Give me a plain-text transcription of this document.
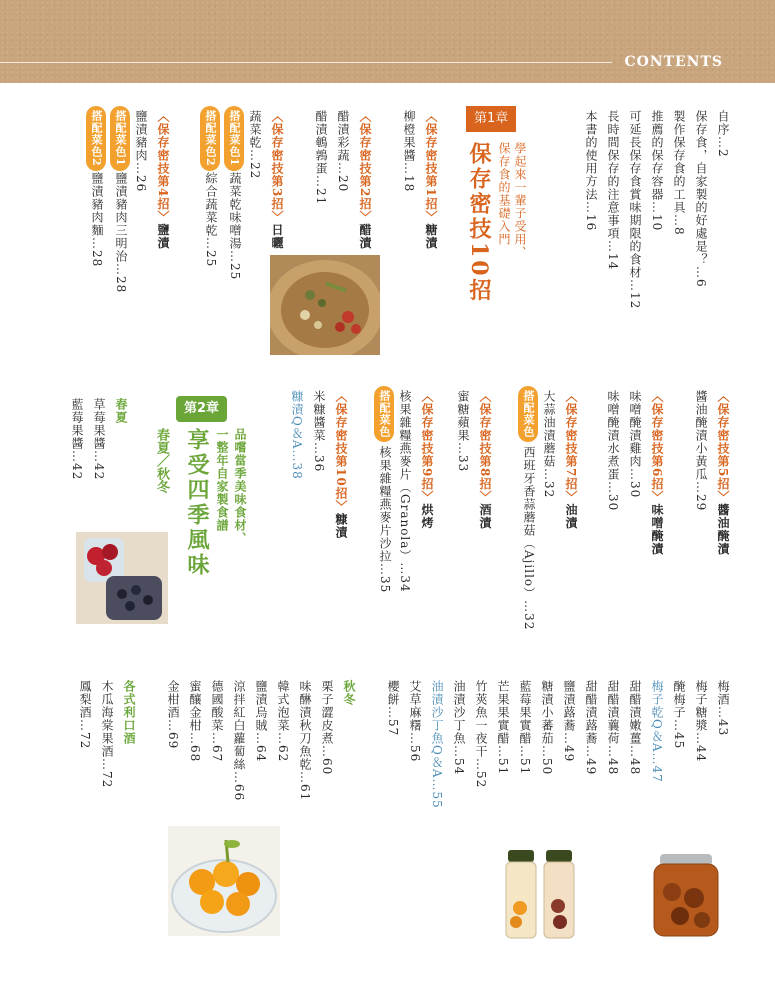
CONTENTS
自序…2
保存食，自家製的好處是？…6
製作保存食的工具…8
推薦的保存容器…10
可延長保存食賞味期限的食材…12
長時間保存的注意事項…14
本書的使用方法…16
第1章
學起來一輩子受用、
保存食的基礎入門
保存密技10招
〈保存密技第1招〉糖漬
柳橙果醬…18
〈保存密技第2招〉醋漬
醋漬彩蔬…20
醋漬鵪鶉蛋…21
〈保存密技第3招〉日曬
蔬菜乾…22
搭配菜色1
蔬菜乾味噌湯…25
搭配菜色2
綜合蔬菜乾…25
〈保存密技第4招〉鹽漬
鹽漬豬肉…26
搭配菜色1
鹽漬豬肉三明治…28
搭配菜色2
鹽漬豬肉麵…28
〈保存密技第5招〉醬油醃漬
醬油醃漬小黃瓜…29
〈保存密技第6招〉味噌醃漬
味噌醃漬雞肉…30
味噌醃漬水煮蛋…30
〈保存密技第7招〉油漬
大蒜油漬蘑菇…32
搭配菜色
西班牙香蒜蘑菇（Ajillo）…32
〈保存密技第8招〉酒漬
蜜糖蘋果…33
〈保存密技第9招〉烘烤
核果雜糧燕麥片（Granola）…34
搭配菜色
核果雜糧燕麥片沙拉…35
〈保存密技第10招〉糠漬
米糠醬菜…36
糠漬Q＆A…38
第2章
品嚐當季美味食材、
一整年自家製食譜
享受四季風味
春夏／秋冬
春夏
草莓果醬…42
藍莓果醬…42
梅酒…43
梅子糖漿…44
醃梅子…45
梅子乾Q＆A…47
甜醋漬嫩薑…48
甜醋漬蘘荷…48
甜醋漬蕗蕎…49
鹽漬蕗蕎…49
糖漬小蕃茄…50
藍莓果實醋…51
芒果果實醋…51
竹莢魚一夜干…52
油漬沙丁魚…54
油漬沙丁魚Q＆A…55
艾草麻糬…56
櫻餅…57
秋冬
栗子澀皮煮…60
味醂漬秋刀魚乾…61
韓式泡菜…62
鹽漬烏賊…64
涼拌紅白蘿蔔絲…66
德國酸菜…67
蜜釀金柑…68
金柑酒…69
各式利口酒
木瓜海棠果酒…72
鳳梨酒…72
